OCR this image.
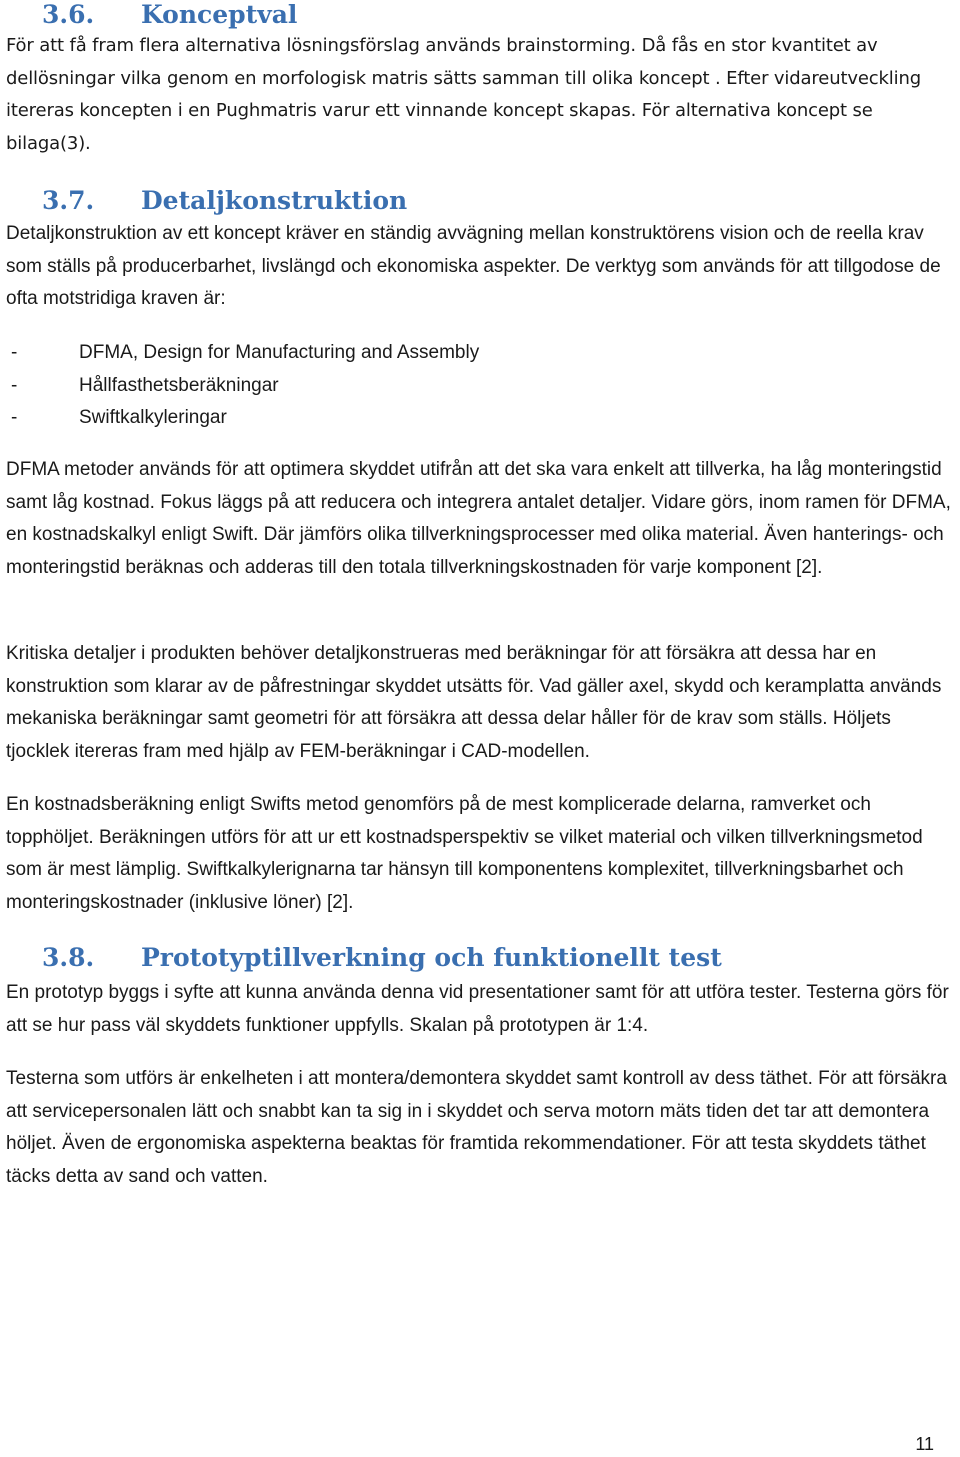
3.6. Konceptval

För att få fram flera alternativa lösningsförslag används brainstorming. Då fås en stor kvantitet av dellösningar vilka genom en morfologisk matris sätts samman till olika koncept . Efter vidareutveckling itereras koncepten i en Pughmatris varur ett vinnande koncept skapas. För alternativa koncept se bilaga(3).

3.7. Detaljkonstruktion

Detaljkonstruktion av ett koncept kräver en ständig avvägning mellan konstruktörens vision och de reella krav som ställs på producerbarhet, livslängd och ekonomiska aspekter. De verktyg som används för att tillgodose de ofta motstridiga kraven är:

-	DFMA, Design for Manufacturing and Assembly
-	Hållfasthetsberäkningar
-	Swiftkalkyleringar

DFMA metoder används för att optimera skyddet utifrån att det ska vara enkelt att tillverka, ha låg monteringstid samt låg kostnad. Fokus läggs på att reducera och integrera antalet detaljer. Vidare görs, inom ramen för DFMA, en kostnadskalkyl enligt Swift. Där jämförs olika tillverkningsprocesser med olika material. Även hanterings- och monteringstid beräknas och adderas till den totala tillverkningskostnaden för varje komponent [2].

Kritiska detaljer i produkten behöver detaljkonstrueras med beräkningar för att försäkra att dessa har en konstruktion som klarar av de påfrestningar skyddet utsätts för. Vad gäller axel, skydd och keramplatta används mekaniska beräkningar samt geometri för att försäkra att dessa delar håller för de krav som ställs. Höljets tjocklek itereras fram med hjälp av FEM-beräkningar i CAD-modellen.

En kostnadsberäkning enligt Swifts metod genomförs på de mest komplicerade delarna, ramverket och topphöljet. Beräkningen utförs för att ur ett kostnadsperspektiv se vilket material och vilken tillverkningsmetod som är mest lämplig. Swiftkalkylerignarna tar hänsyn till komponentens komplexitet, tillverkningsbarhet och monteringskostnader (inklusive löner) [2].

3.8. Prototyptillverkning och funktionellt test

En prototyp byggs i syfte att kunna använda denna vid presentationer samt för att utföra tester. Testerna görs för att se hur pass väl skyddets funktioner uppfylls. Skalan på prototypen är 1:4.

Testerna som utförs är enkelheten i att montera/demontera skyddet samt kontroll av dess täthet. För att försäkra att servicepersonalen lätt och snabbt kan ta sig in i skyddet och serva motorn mäts tiden det tar att demontera höljet. Även de ergonomiska aspekterna beaktas för framtida rekommendationer. För att testa skyddets täthet täcks detta av sand och vatten.

11
